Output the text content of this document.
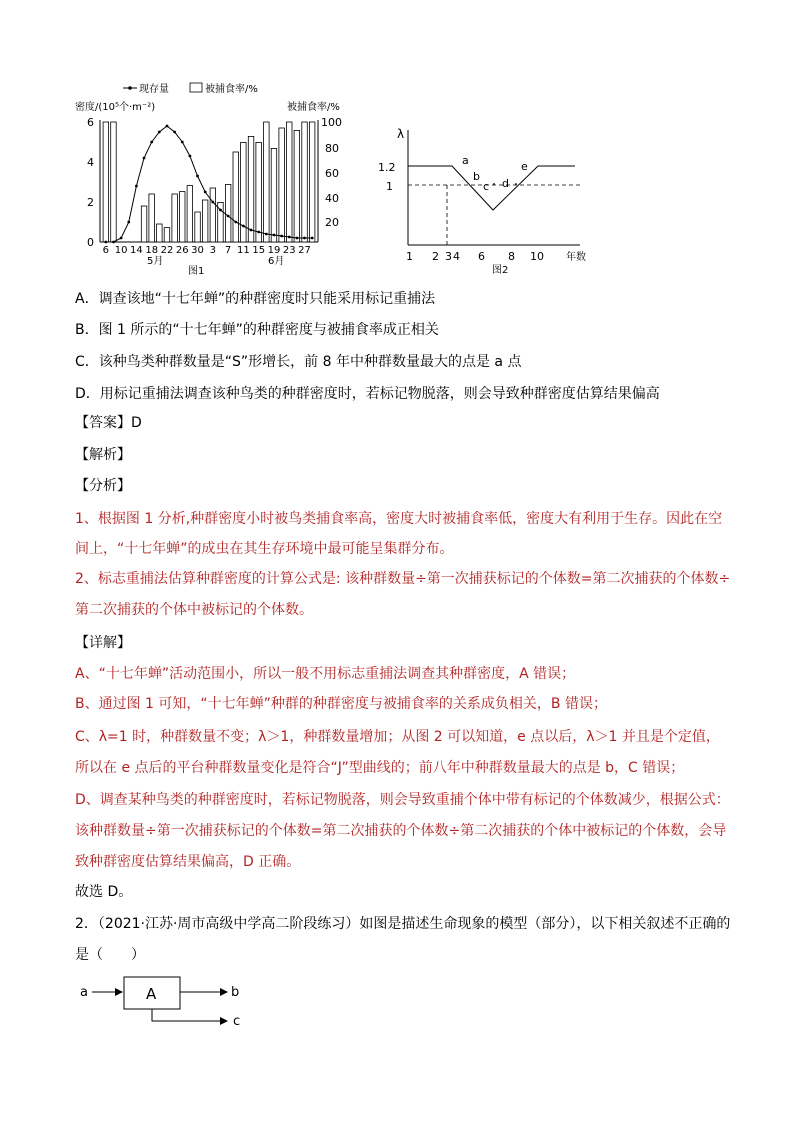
现存量	被捕食率/%
密度/(10⁵个·m⁻²)	被捕食率/%
0
2
4
6
20
40
60
80
100
6 10 14 18 22 26 30 3 7 11 15 19 23 27
5月	6月
图1
λ
1.2
1
a
b
c d
e
1 2 3 4 6 8 10 年数
图2
A．调查该地“十七年蝉”的种群密度时只能采用标记重捕法
B．图 1 所示的“十七年蝉”的种群密度与被捕食率成正相关
C．该种鸟类种群数量是“S”形增长，前 8 年中种群数量最大的点是 a 点
D．用标记重捕法调查该种鸟类的种群密度时，若标记物脱落，则会导致种群密度估算结果偏高
【答案】D
【解析】
【分析】
1、根据图 1 分析,种群密度小时被鸟类捕食率高，密度大时被捕食率低，密度大有利用于生存。因此在空
间上，“十七年蝉”的成虫在其生存环境中最可能呈集群分布。
2、标志重捕法估算种群密度的计算公式是: 该种群数量÷第一次捕获标记的个体数=第二次捕获的个体数÷
第二次捕获的个体中被标记的个体数。
【详解】
A、“十七年蝉”活动范围小，所以一般不用标志重捕法调查其种群密度，A 错误；
B、通过图 1 可知，“十七年蝉”种群的种群密度与被捕食率的关系成负相关，B 错误；
C、λ=1 时，种群数量不变；λ＞1，种群数量增加；从图 2 可以知道，e 点以后，λ＞1 并且是个定值，
所以在 e 点后的平台种群数量变化是符合“J”型曲线的；前八年中种群数量最大的点是 b，C 错误；
D、调查某种鸟类的种群密度时，若标记物脱落，则会导致重捕个体中带有标记的个体数减少，根据公式：
该种群数量÷第一次捕获标记的个体数=第二次捕获的个体数÷第二次捕获的个体中被标记的个体数，会导
致种群密度估算结果偏高，D 正确。
故选 D。
2．（2021·江苏·周市高级中学高二阶段练习）如图是描述生命现象的模型（部分），以下相关叙述不正确的
是（　　）
a	A	b
c
